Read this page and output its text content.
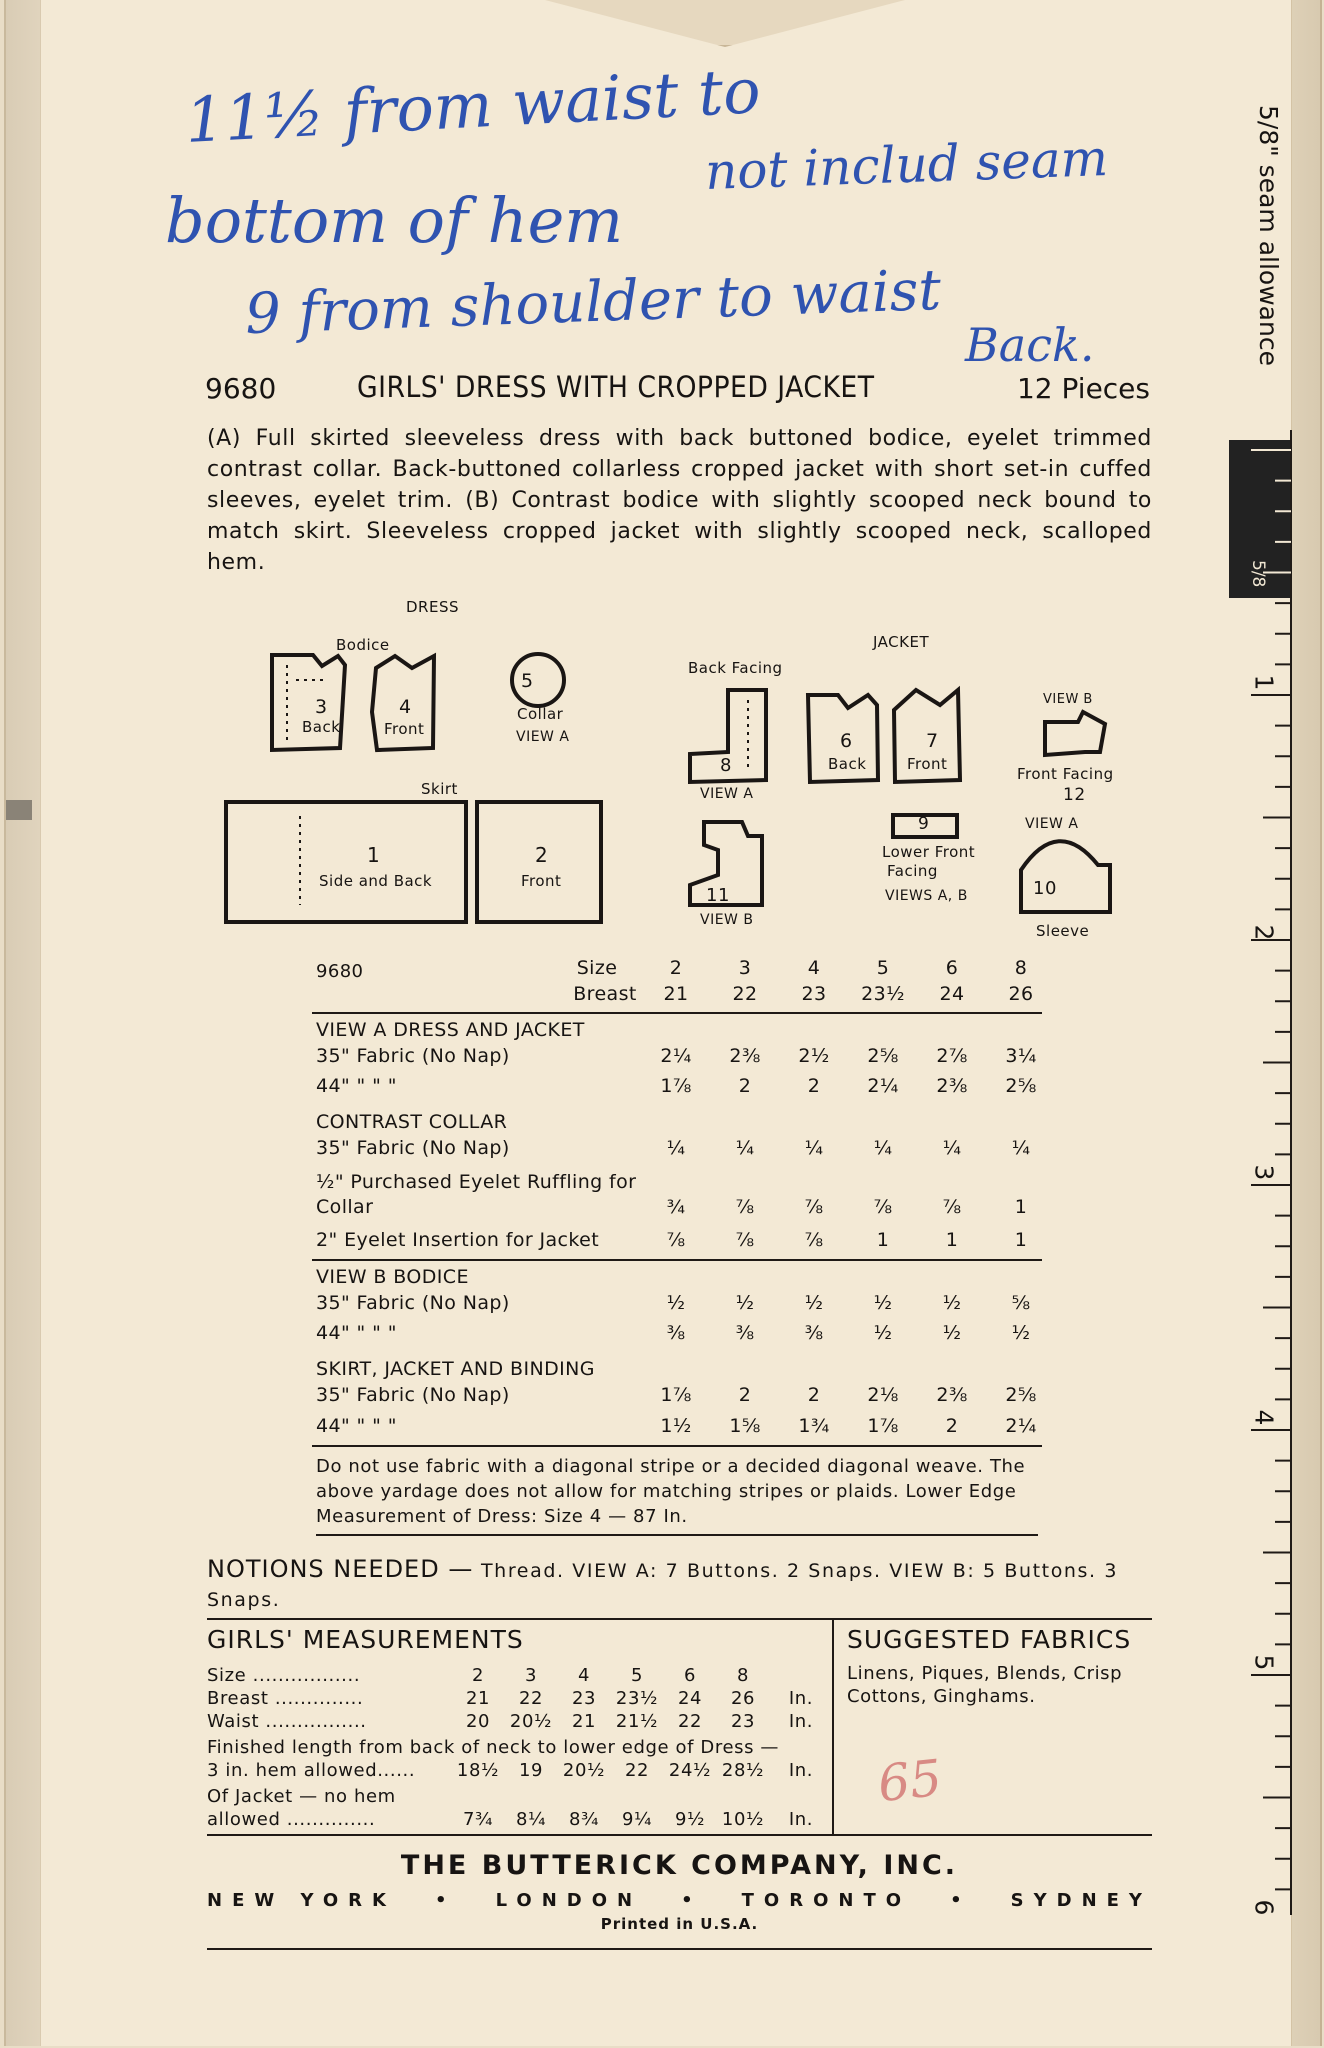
11½ from waist to
not includ seam
bottom of hem
9 from shoulder to waist Back.
9680	GIRLS' DRESS WITH CROPPED JACKET	12 Pieces
(A) Full skirted sleeveless dress with back buttoned bodice, eyelet trimmed contrast collar. Back-buttoned collarless cropped jacket with short set-in cuffed sleeves, eyelet trim. (B) Contrast bodice with slightly scooped neck bound to match skirt. Sleeveless cropped jacket with slightly scooped neck, scalloped hem.
DRESS
Bodice
3
Back
4
Front
5
Collar
VIEW A
Skirt
1
Side and Back
2
Front
JACKET
Back Facing
8
VIEW A
11
VIEW B
6
Back
7
Front
VIEW B
Front Facing
12
9
Lower Front
Facing
VIEWS A, B
VIEW A
10
Sleeve
9680	Size	2	3	4	5	6	8
Breast	21	22	23	23½	24	26
VIEW A DRESS AND JACKET
35" Fabric (No Nap)	2¼	2⅜	2½	2⅝	2⅞	3¼
44" " " "	1⅞	2	2	2¼	2⅜	2⅝
CONTRAST COLLAR
35" Fabric (No Nap)	¼	¼	¼	¼	¼	¼
½" Purchased Eyelet Ruffling for
Collar	¾	⅞	⅞	⅞	⅞	1
2" Eyelet Insertion for Jacket	⅞	⅞	⅞	1	1	1
VIEW B BODICE
35" Fabric (No Nap)	½	½	½	½	½	⅝
44" " " "	⅜	⅜	⅜	½	½	½
SKIRT, JACKET AND BINDING
35" Fabric (No Nap)	1⅞	2	2	2⅛	2⅜	2⅝
44" " " "	1½	1⅝	1¾	1⅞	2	2¼
Do not use fabric with a diagonal stripe or a decided diagonal weave. The above yardage does not allow for matching stripes or plaids. Lower Edge Measurement of Dress: Size 4 — 87 In.
NOTIONS NEEDED — Thread. VIEW A: 7 Buttons. 2 Snaps. VIEW B: 5 Buttons. 3 Snaps.
GIRLS' MEASUREMENTS
Size .................	2	3	4	5	6	8
Breast ..............	21	22	23	23½	24	26	In.
Waist ................	20	20½	21	21½	22	23	In.
Finished length from back of neck to lower edge of Dress —
3 in. hem allowed......	18½	19	20½	22	24½ 28½	In.
Of Jacket — no hem
allowed ..............	7¾	8¼	8¾	9¼	9½ 10½	In.
SUGGESTED FABRICS
Linens, Piques, Blends, Crisp Cottons, Ginghams.
65
THE BUTTERICK COMPANY, INC.
NEW YORK • LONDON • TORONTO • SYDNEY
Printed in U.S.A.
5/8" seam allowance
5/8
1
2
3
4
5
6
